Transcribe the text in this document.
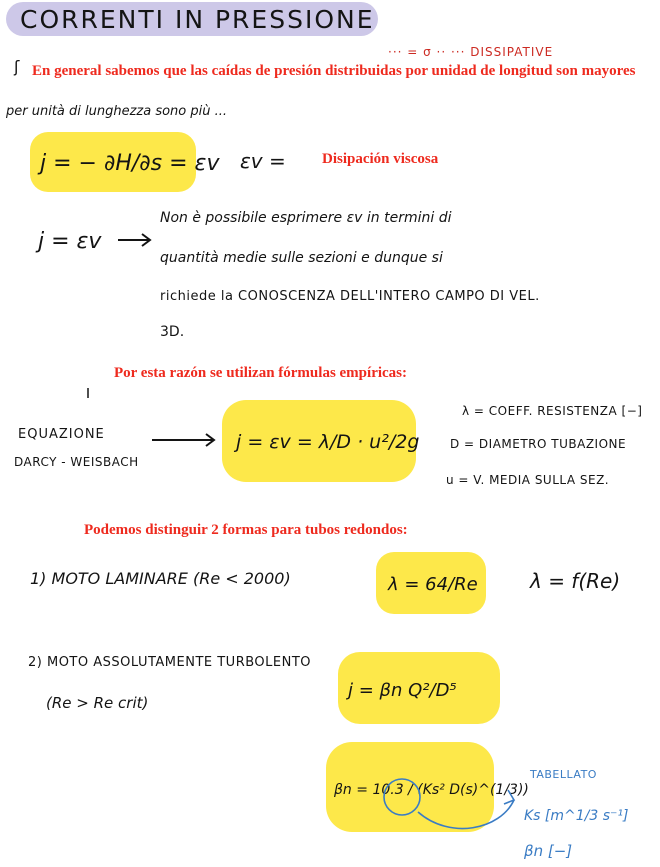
CORRENTI IN PRESSIONE
··· = σ ·· ··· DISSIPATIVE
ʃ
per unità di lunghezza sono più ...
j = − ∂H/∂s = εv εv =
j = εv
Non è possibile esprimere εv in termini di
quantità medie sulle sezioni e dunque si
richiede la CONOSCENZA DELL'INTERO CAMPO DI VEL.
3D.
EQUAZIONE
DARCY - WEISBACH
j = εv = λ/D · u²/2g
λ = COEFF. RESISTENZA [−]
D = DIAMETRO TUBAZIONE
u = V. MEDIA SULLA SEZ.
1) MOTO LAMINARE (Re < 2000)	λ = 64/Re	λ = f(Re)
2) MOTO ASSOLUTAMENTE TURBOLENTO
(Re > Re crit)
j = βn Q²/D⁵
βn = 10.3 / (Ks² D(s)^(1/3))
TABELLATO
Ks [m^1/3 s⁻¹]
βn [−]

En general sabemos que las caídas de presión distribuidas por unidad de longitud son mayores

Disipación viscosa

Por esta razón se utilizan fórmulas empíricas:

Podemos distinguir 2 formas para tubos redondos:
